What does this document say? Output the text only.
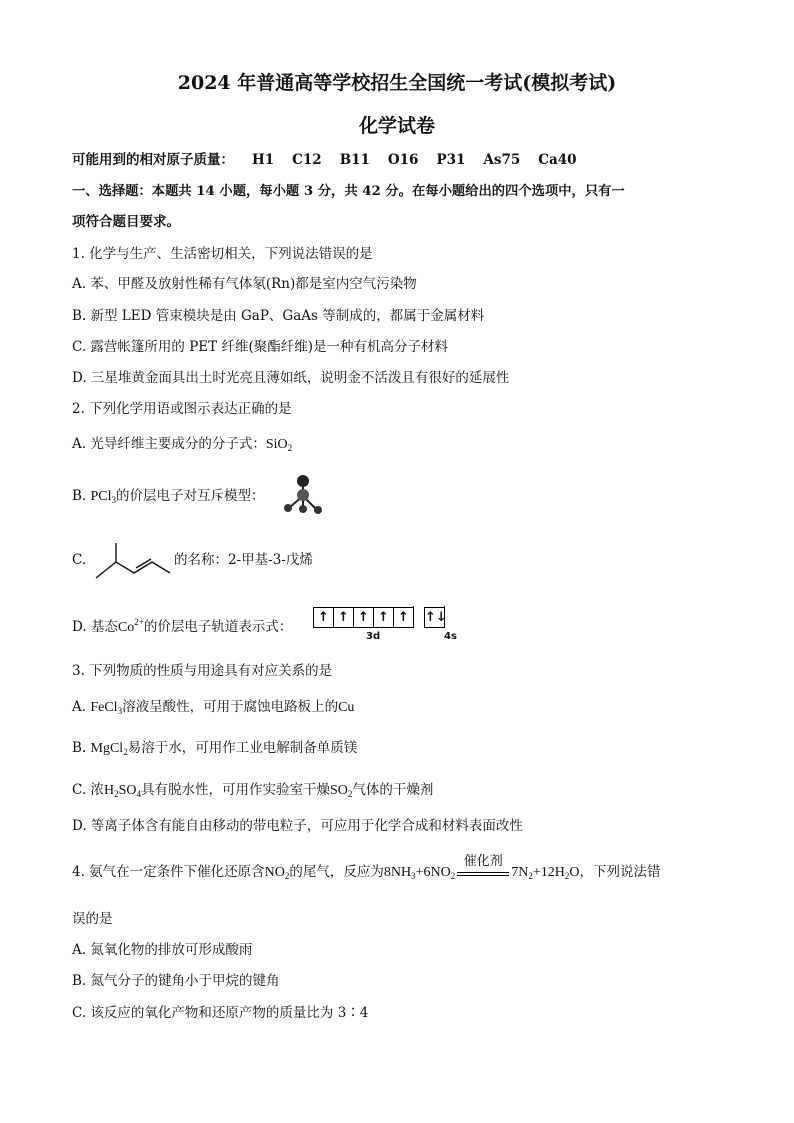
2024 年普通高等学校招生全国统一考试(模拟考试)
化学试卷
可能用到的相对原子质量： H1 C12 B11 O16 P31 As75 Ca40
一、选择题：本题共 14 小题，每小题 3 分，共 42 分。在每小题给出的四个选项中，只有一
项符合题目要求。
1. 化学与生产、生活密切相关，下列说法错误的是
A. 苯、甲醛及放射性稀有气体氡(Rn)都是室内空气污染物
B. 新型 LED 管束模块是由 GaP、GaAs 等制成的，都属于金属材料
C. 露营帐篷所用的 PET 纤维(聚酯纤维)是一种有机高分子材料
D. 三星堆黄金面具出土时光亮且薄如纸，说明金不活泼且有很好的延展性
2. 下列化学用语或图示表达正确的是
A. 光导纤维主要成分的分子式：SiO$_2$
B. PCl$_3$的价层电子对互斥模型：
C.	的名称：2-甲基-3-戊烯
D. 基态$Co^{2+}$的价层电子轨道表示式：
↑ ↑ ↑ ↑ ↑ ↑↓
3d	4s
3. 下列物质的性质与用途具有对应关系的是
A. FeCl$_3$溶液呈酸性，可用于腐蚀电路板上的Cu
B. MgCl$_2$易溶于水，可用作工业电解制备单质镁
C. 浓$H_2SO_4$具有脱水性，可用作实验室干燥$SO_2$气体的干燥剂
D. 等离子体含有能自由移动的带电粒子，可应用于化学合成和材料表面改性
4. 氨气在一定条件下催化还原含$NO_2$的尾气，反应为$8NH_3+6NO_2$
催化剂
$7N_2+12H_2O$，下列说法错
误的是
A. 氮氧化物的排放可形成酸雨
B. 氮气分子的键角小于甲烷的键角
C. 该反应的氧化产物和还原产物的质量比为 3∶4
